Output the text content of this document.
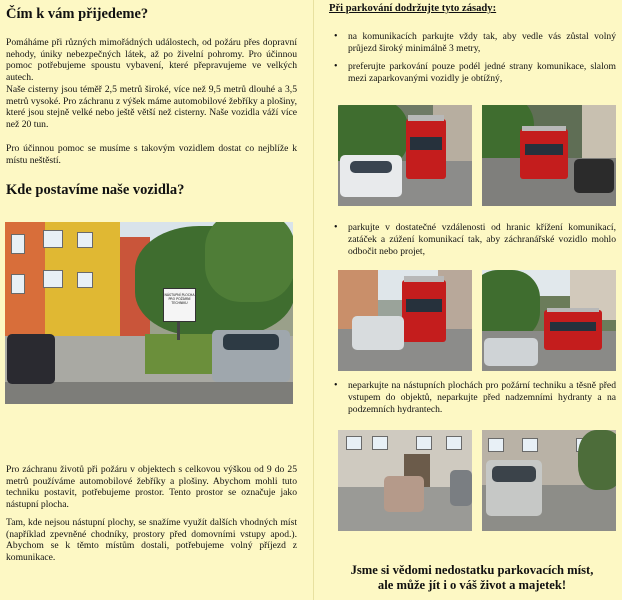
Čím k vám přijedeme?

Pomáháme při různých mimořádných událostech, od požáru přes dopravní nehody, úniky nebezpečných látek, až po živelní pohromy. Pro účinnou pomoc potřebujeme spoustu vybavení, které přepravujeme ve velkých autech.

Naše cisterny jsou téměř 2,5 metrů široké, více než 9,5 metrů dlouhé a 3,5 metrů vysoké. Pro záchranu z výšek máme automobilové žebříky a plošiny, které jsou stejně velké nebo ještě větší než cisterny. Naše vozidla váží více než 20 tun.

Pro účinnou pomoc se musíme s takovým vozidlem dostat co nejblíže k místu neštěstí.

Kde postavíme naše vozidla?
NÁSTUPNÍ PLOCHA PRO POŽÁRNÍ TECHNIKU

Pro záchranu životů při požáru v objektech s celkovou výškou od 9 do 25 metrů používáme automobilové žebříky a plošiny. Abychom mohli tuto techniku postavit, potřebujeme prostor. Tento prostor se označuje jako nástupní plocha.

Tam, kde nejsou nástupní plochy, se snažíme využít dalších vhodných míst (například zpevněné chodníky, prostory před domovními vstupy apod.). Abychom se k těmto místům dostali, potřebujeme volný příjezd z komunikace.

Při parkování dodržujte tyto zásady:
• na komunikacích parkujte vždy tak, aby vedle vás zůstal volný průjezd široký minimálně 3 metry,
• preferujte parkování pouze podél jedné strany komunikace, slalom mezi zaparkovanými vozidly je obtížný,
• parkujte v dostatečné vzdálenosti od hranic křížení komunikací, zatáček a zúžení komunikací tak, aby záchranářské vozidlo mohlo odbočit nebo projet,
• neparkujte na nástupních plochách pro požární techniku a těsně před vstupem do objektů, neparkujte před nadzemními hydranty a na podzemních hydrantech.
Jsme si vědomi nedostatku parkovacích míst,
ale může jít i o váš život a majetek!
